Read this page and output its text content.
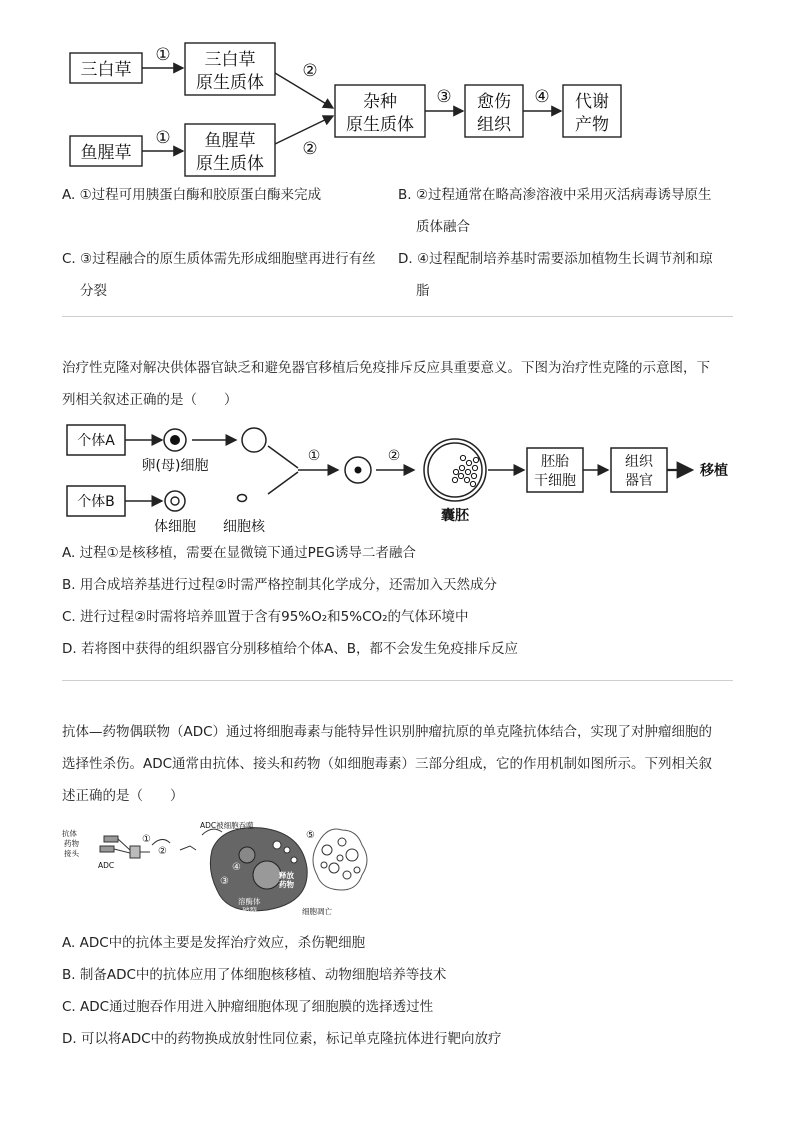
三白草
鱼腥草
三白草
原生质体
鱼腥草
原生质体
杂种
原生质体
愈伤
组织
代谢
产物
①
①
②
②
③	④
A. ①过程可用胰蛋白酶和胶原蛋白酶来完成	B. ②过程通常在略高渗溶液中采用灭活病毒诱导原生
质体融合
C. ③过程融合的原生质体需先形成细胞壁再进行有丝
分裂
D. ④过程配制培养基时需要添加植物生长调节剂和琼
脂
治疗性克隆对解决供体器官缺乏和避免器官移植后免疫排斥反应具重要意义。下图为治疗性克隆的示意图，下
列相关叙述正确的是（　　）
个体A
个体B
卵(母)细胞
体细胞 细胞核
①	②
囊胚
胚胎
干细胞
组织
器官
移植
A. 过程①是核移植，需要在显微镜下通过PEG诱导二者融合
B. 用合成培养基进行过程②时需严格控制其化学成分，还需加入天然成分
C. 进行过程②时需将培养皿置于含有95%O₂和5%CO₂的气体环境中
D. 若将图中获得的组织器官分别移植给个体A、B，都不会发生免疫排斥反应
抗体—药物偶联物（ADC）通过将细胞毒素与能特异性识别肿瘤抗原的单克隆抗体结合，实现了对肿瘤细胞的
选择性杀伤。ADC通常由抗体、接头和药物（如细胞毒素）三部分组成，它的作用机制如图所示。下列相关叙
述正确的是（　　）
抗体
药物
接头
ADC
ADC被细胞吞噬
释放
药物
溶酶体
破裂	细胞凋亡
①
②
③
④
⑤
A. ADC中的抗体主要是发挥治疗效应，杀伤靶细胞
B. 制备ADC中的抗体应用了体细胞核移植、动物细胞培养等技术
C. ADC通过胞吞作用进入肿瘤细胞体现了细胞膜的选择透过性
D. 可以将ADC中的药物换成放射性同位素，标记单克隆抗体进行靶向放疗
